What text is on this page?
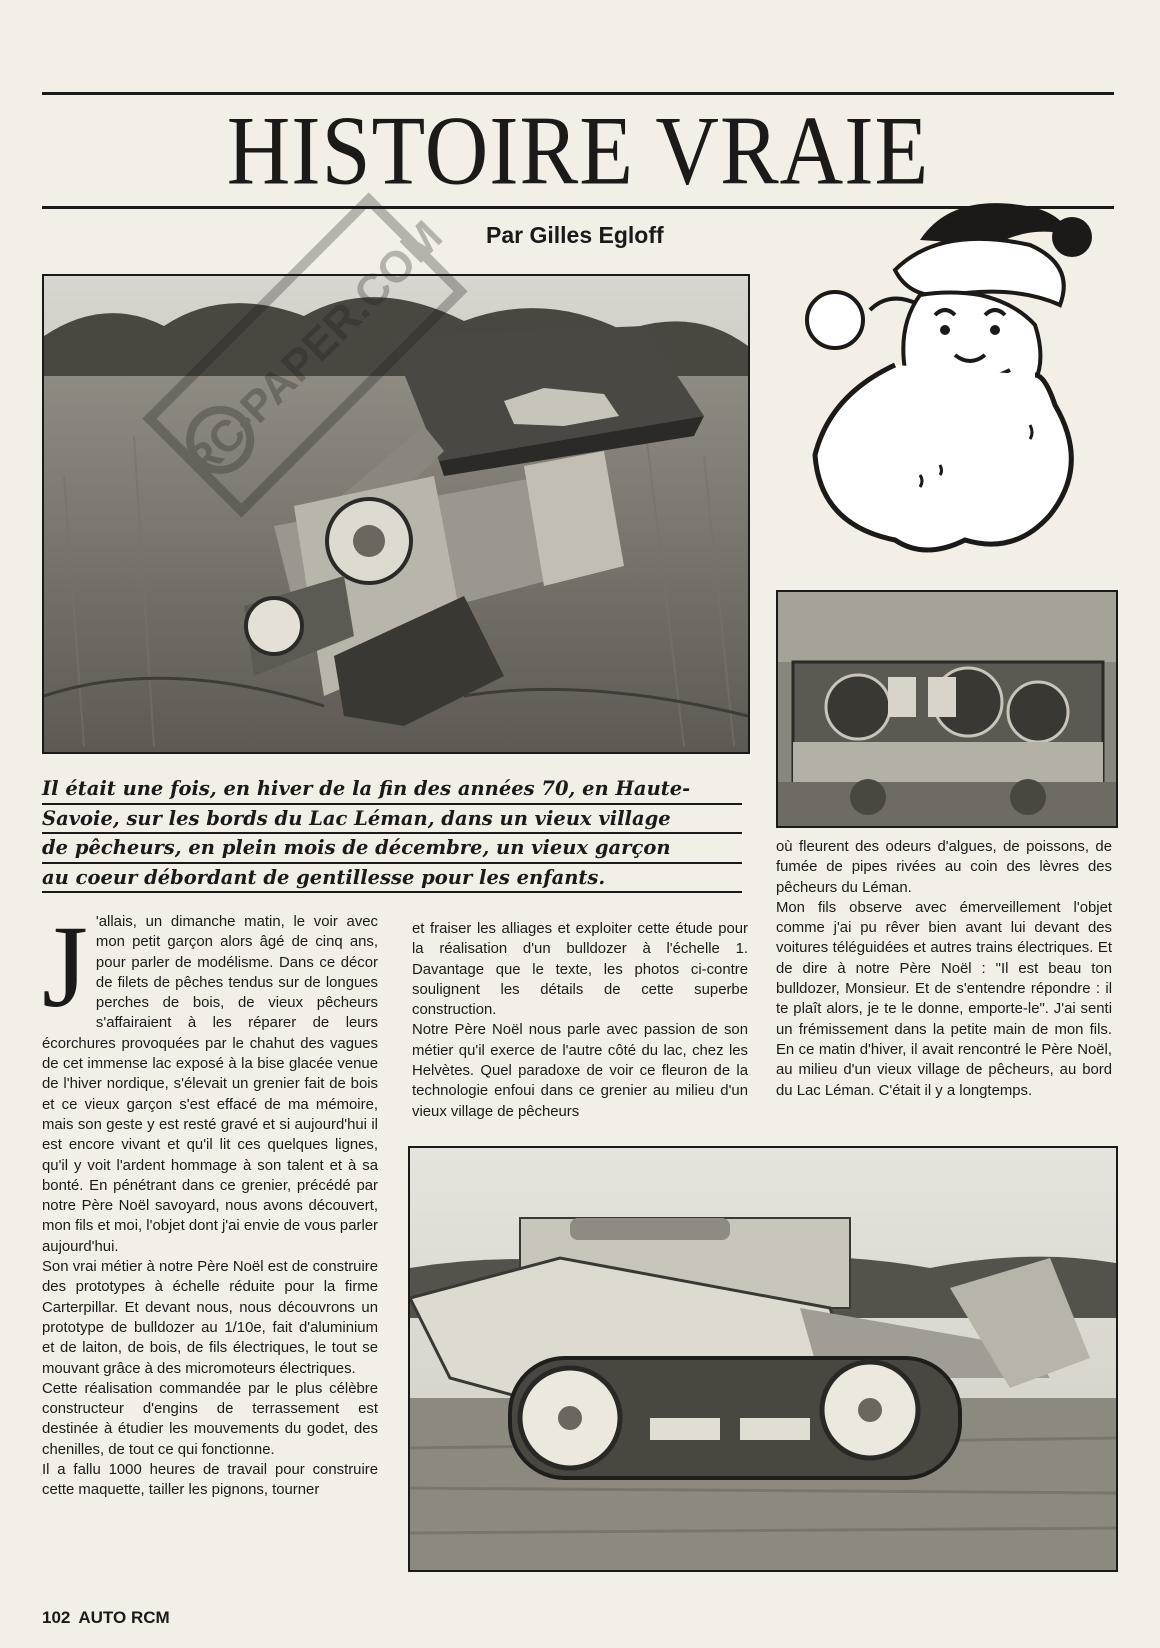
HISTOIRE VRAIE
Par Gilles Egloff
Il était une fois, en hiver de la fin des années 70, en Haute-
Savoie, sur les bords du Lac Léman, dans un vieux village
de pêcheurs, en plein mois de décembre, un vieux garçon
au coeur débordant de gentillesse pour les enfants.

J 'allais, un dimanche matin, le voir avec mon petit garçon alors âgé de cinq ans, pour parler de modélisme. Dans ce décor de filets de pêches tendus sur de longues perches de bois, de vieux pêcheurs s'affairaient à les réparer de leurs écorchures provoquées par le chahut des vagues de cet immense lac exposé à la bise glacée venue de l'hiver nordique, s'élevait un grenier fait de bois et ce vieux garçon s'est effacé de ma mémoire, mais son geste y est resté gravé et si aujourd'hui il est encore vivant et qu'il lit ces quelques lignes, qu'il y voit l'ardent hommage à son talent et à sa bonté. En pénétrant dans ce grenier, précédé par notre Père Noël savoyard, nous avons découvert, mon fils et moi, l'objet dont j'ai envie de vous parler aujourd'hui.

Son vrai métier à notre Père Noël est de construire des prototypes à échelle réduite pour la firme Carterpillar. Et devant nous, nous découvrons un prototype de bulldozer au 1/10e, fait d'aluminium et de laiton, de bois, de fils électriques, le tout se mouvant grâce à des micromoteurs électriques.

Cette réalisation commandée par le plus célèbre constructeur d'engins de terrassement est destinée à étudier les mouvements du godet, des chenilles, de tout ce qui fonctionne.

Il a fallu 1000 heures de travail pour construire cette maquette, tailler les pignons, tourner

et fraiser les alliages et exploiter cette étude pour la réalisation d'un bulldozer à l'échelle 1. Davantage que le texte, les photos ci-contre soulignent les détails de cette superbe construction.

Notre Père Noël nous parle avec passion de son métier qu'il exerce de l'autre côté du lac, chez les Helvètes. Quel paradoxe de voir ce fleuron de la technologie enfoui dans ce grenier au milieu d'un vieux village de pêcheurs

où fleurent des odeurs d'algues, de poissons, de fumée de pipes rivées au coin des lèvres des pêcheurs du Léman.

Mon fils observe avec émerveillement l'objet comme j'ai pu rêver bien avant lui devant des voitures téléguidées et autres trains électriques. Et de dire à notre Père Noël : "Il est beau ton bulldozer, Monsieur. Et de s'entendre répondre : il te plaît alors, je te le donne, emporte-le". J'ai senti un frémissement dans la petite main de mon fils. En ce matin d'hiver, il avait rencontré le Père Noël, au milieu d'un vieux village de pêcheurs, au bord du Lac Léman. C'était il y a longtemps.

RC-PAPER.COM
102 AUTO RCM
